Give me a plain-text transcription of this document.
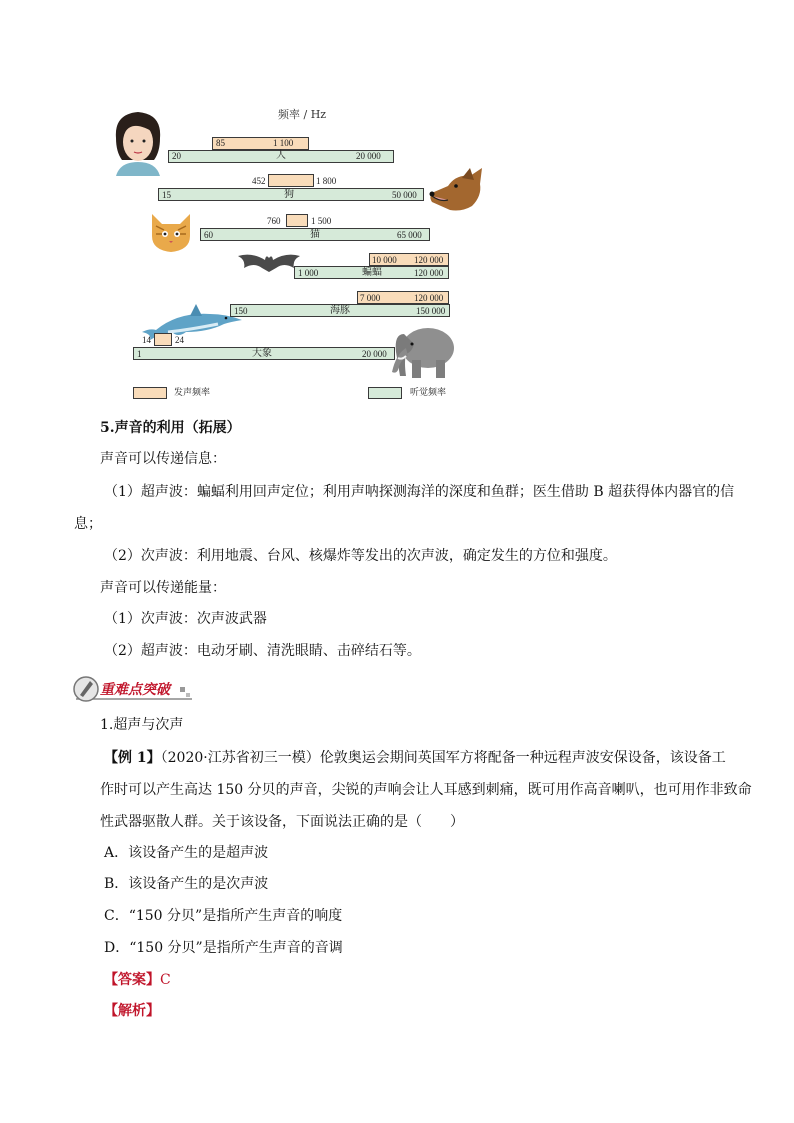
频率 / Hz
85	1 100
20	人	20 000
452	1 800
15	狗	50 000
760	1 500
60	猫	65 000
10 000 120 000
1 000	蝙蝠	120 000
7 000	120 000
150	海豚	150 000
14	24
1	大象	20 000
发声频率	听觉频率
5.声音的利用（拓展）
声音可以传递信息：
（1）超声波：蝙蝠利用回声定位；利用声呐探测海洋的深度和鱼群；医生借助 B 超获得体内器官的信
息；
（2）次声波：利用地震、台风、核爆炸等发出的次声波，确定发生的方位和强度。
声音可以传递能量：
（1）次声波：次声波武器
（2）超声波：电动牙刷、清洗眼睛、击碎结石等。
重难点突破
1.超声与次声
【例 1】（2020·江苏省初三一模）伦敦奥运会期间英国军方将配备一种远程声波安保设备，该设备工
作时可以产生高达 150 分贝的声音，尖锐的声响会让人耳感到刺痛，既可用作高音喇叭，也可用作非致命
性武器驱散人群。关于该设备，下面说法正确的是（　　）
A．该设备产生的是超声波
B．该设备产生的是次声波
C．“150 分贝”是指所产生声音的响度
D．“150 分贝”是指所产生声音的音调
【答案】C
【解析】
